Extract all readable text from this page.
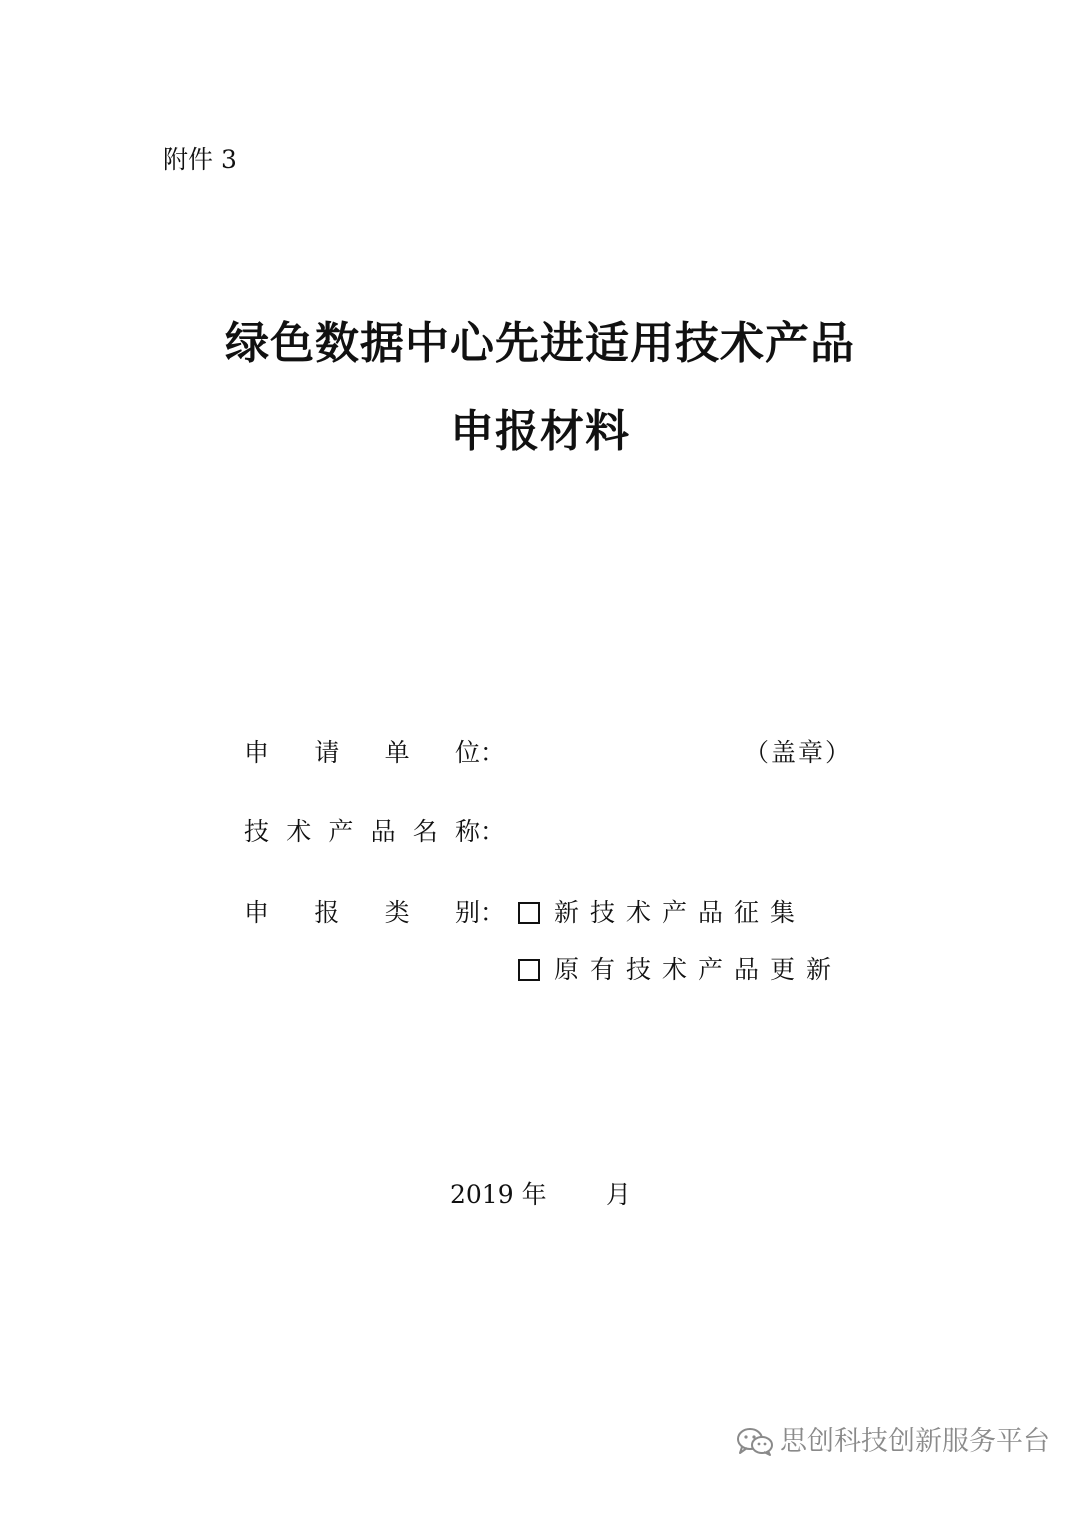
附件 3
绿色数据中心先进适用技术产品
申报材料
申请单位：	（盖章）
技术产品名称：
申报类别： 新技术产品征集
原有技术产品更新
2019 年 月
思创科技创新服务平台
